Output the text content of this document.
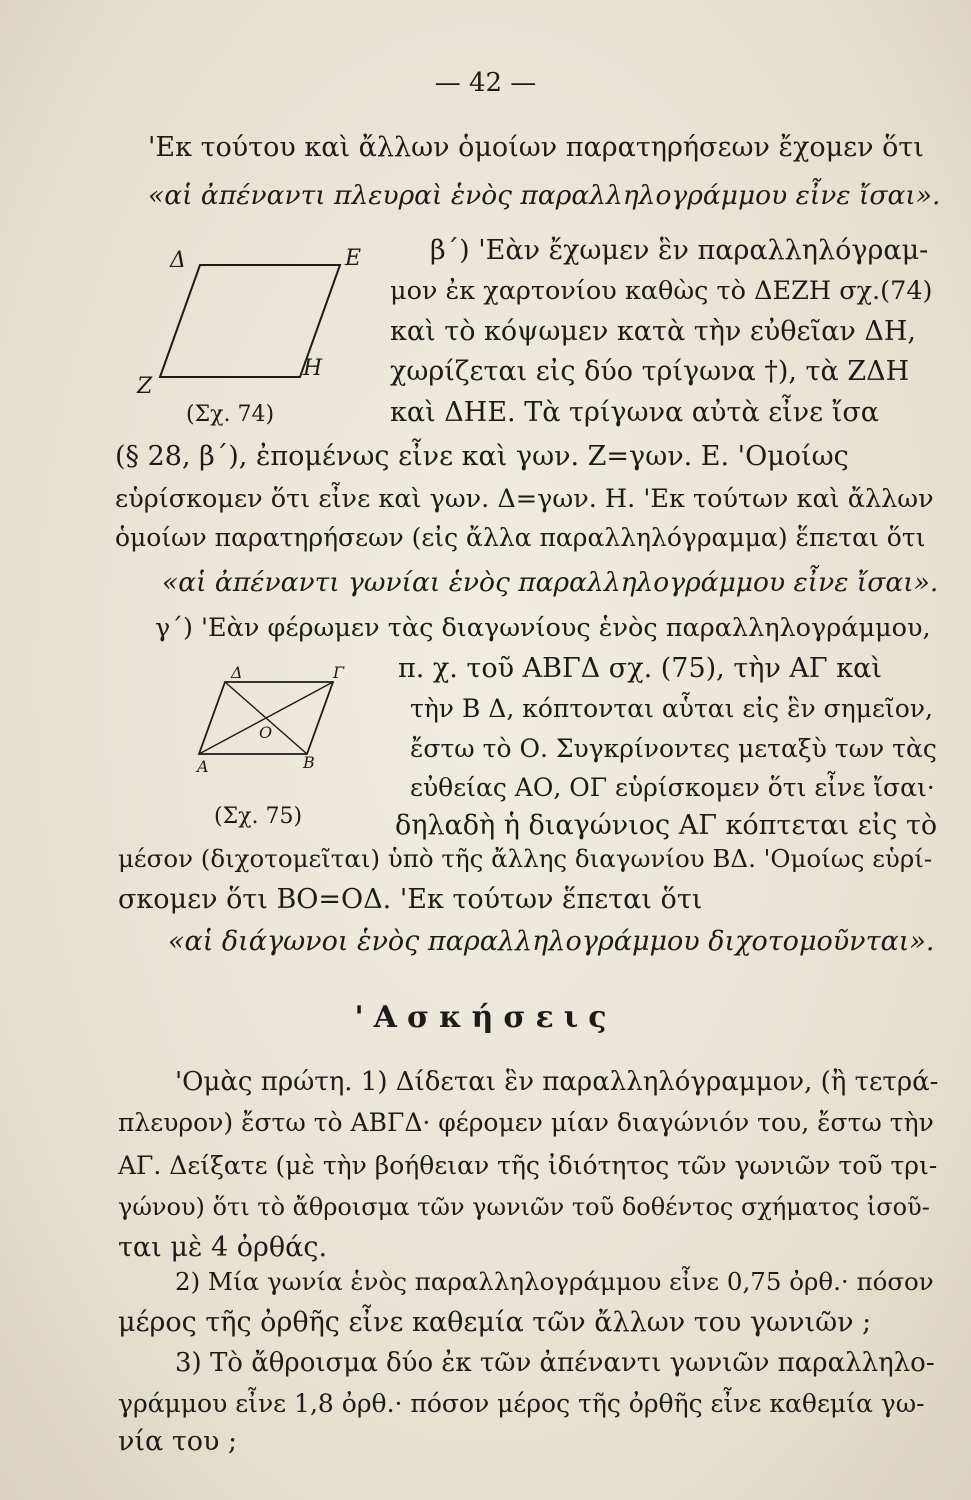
— 42 —
'Εκ τούτου καὶ ἄλλων ὁμοίων παρατηρήσεων ἔχομεν ὅτι
«αἱ ἀπέναντι πλευραὶ ἑνὸς παραλληλογράμμου εἶνε ἴσαι».
Δ	Ε
Ζ
Η
(Σχ. 74)
β΄) 'Εὰν ἔχωμεν ἓν παραλληλόγραμ-
μον ἐκ χαρτονίου καθὼς τὸ ΔΕΖΗ σχ.(74)
καὶ τὸ κόψωμεν κατὰ τὴν εὐθεῖαν ΔΗ,
χωρίζεται εἰς δύο τρίγωνα †), τὰ ΖΔΗ
καὶ ΔΗΕ. Τὰ τρίγωνα αὐτὰ εἶνε ἴσα
(§ 28, β΄), ἐπομένως εἶνε καὶ γων. Ζ=γων. Ε. 'Ομοίως
εὑρίσκομεν ὅτι εἶνε καὶ γων. Δ=γων. Η. 'Εκ τούτων καὶ ἄλλων
ὁμοίων παρατηρήσεων (εἰς ἄλλα παραλληλόγραμμα) ἕπεται ὅτι
«αἱ ἀπέναντι γωνίαι ἑνὸς παραλληλογράμμου εἶνε ἴσαι».
γ΄) 'Εὰν φέρωμεν τὰς διαγωνίους ἑνὸς παραλληλογράμμου,
Δ	Γ
Α	Β
Ο
(Σχ. 75)
π. χ. τοῦ ΑΒΓΔ σχ. (75), τὴν ΑΓ καὶ
τὴν Β Δ, κόπτονται αὗται εἰς ἓν σημεῖον,
ἔστω τὸ Ο. Συγκρίνοντες μεταξὺ των τὰς
εὐθείας ΑΟ, ΟΓ εὑρίσκομεν ὅτι εἶνε ἴσαι·
δηλαδὴ ἡ διαγώνιος ΑΓ κόπτεται εἰς τὸ
μέσον (διχοτομεῖται) ὑπὸ τῆς ἄλλης διαγωνίου ΒΔ. 'Ομοίως εὑρί-
σκομεν ὅτι ΒΟ=ΟΔ. 'Εκ τούτων ἕπεται ὅτι
«αἱ διάγωνοι ἑνὸς παραλληλογράμμου διχοτομοῦνται».
'Ασκήσεις
'Ομὰς πρώτη. 1) Δίδεται ἓν παραλληλόγραμμον, (ἢ τετρά-
πλευρον) ἔστω τὸ ΑΒΓΔ· φέρομεν μίαν διαγώνιόν του, ἔστω τὴν
ΑΓ. Δείξατε (μὲ τὴν βοήθειαν τῆς ἰδιότητος τῶν γωνιῶν τοῦ τρι-
γώνου) ὅτι τὸ ἄθροισμα τῶν γωνιῶν τοῦ δοθέντος σχήματος ἰσοῦ-
ται μὲ 4 ὀρθάς.
2) Μία γωνία ἑνὸς παραλληλογράμμου εἶνε 0,75 ὀρθ.· πόσον
μέρος τῆς ὀρθῆς εἶνε καθεμία τῶν ἄλλων του γωνιῶν ;
3) Τὸ ἄθροισμα δύο ἐκ τῶν ἀπέναντι γωνιῶν παραλληλο-
γράμμου εἶνε 1,8 ὀρθ.· πόσον μέρος τῆς ὀρθῆς εἶνε καθεμία γω-
νία του ;
